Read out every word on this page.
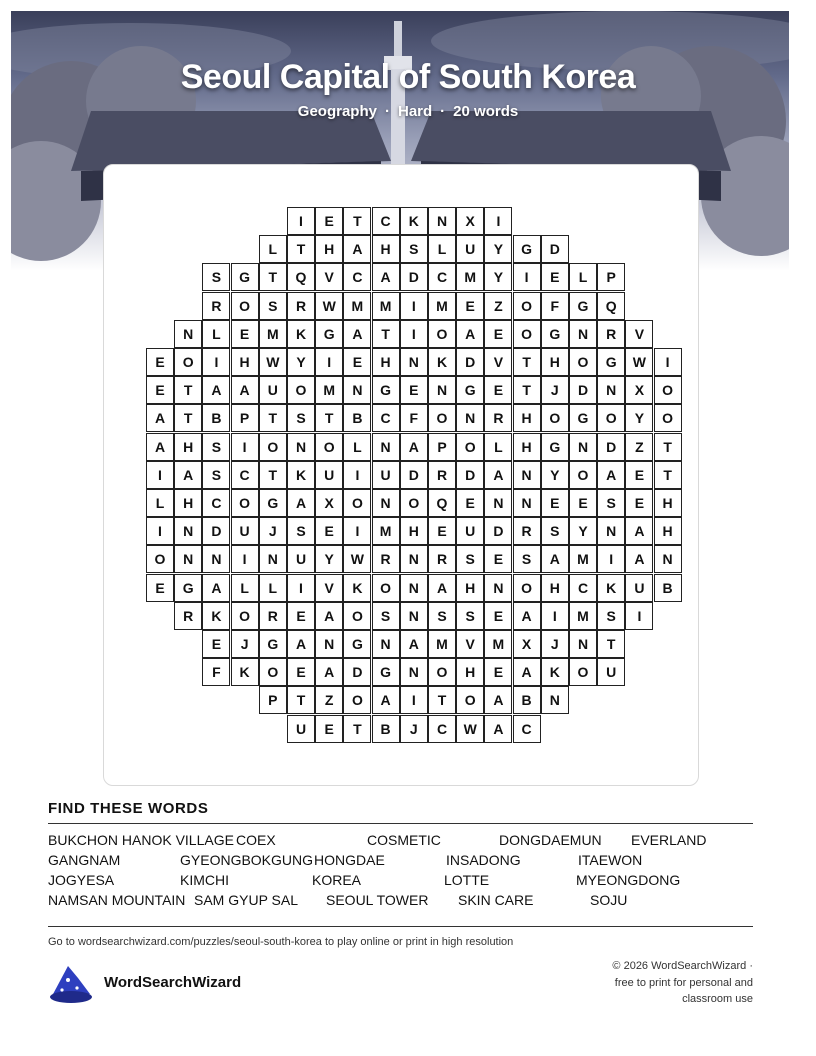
Seoul Capital of South Korea
Geography · Hard · 20 words
I	E	T	C	K	N	X	I
L	T	H	A	H	S	L	U	Y	G	D
S	G	T	Q	V	C	A	D	C	M	Y	I	E	L	P
R	O	S	R	W	M	M	I	M	E	Z	O	F	G	Q
N	L	E	M	K	G	A	T	I	O	A	E	O	G	N	R	V
E	O	I	H	W	Y	I	E	H	N	K	D	V	T	H	O	G	W	I
E	T	A	A	U	O	M	N	G	E	N	G	E	T	J	D	N	X	O
A	T	B	P	T	S	T	B	C	F	O	N	R	H	O	G	O	Y	O
A	H	S	I	O	N	O	L	N	A	P	O	L	H	G	N	D	Z	T
I	A	S	C	T	K	U	I	U	D	R	D	A	N	Y	O	A	E	T
L	H	C	O	G	A	X	O	N	O	Q	E	N	N	E	E	S	E	H
I	N	D	U	J	S	E	I	M	H	E	U	D	R	S	Y	N	A	H
O	N	N	I	N	U	Y	W	R	N	R	S	E	S	A	M	I	A	N
E	G	A	L	L	I	V	K	O	N	A	H	N	O	H	C	K	U	B
R	K	O	R	E	A	O	S	N	S	S	E	A	I	M	S	I
E	J	G	A	N	G	N	A	M	V	M	X	J	N	T
F	K	O	E	A	D	G	N	O	H	E	A	K	O	U
P	T	Z	O	A	I	T	O	A	B	N
U	E	T	B	J	C	W	A	C
FIND THESE WORDS
BUKCHON HANOK VILLAGE COEX	COSMETIC	DONGDAEMUN EVERLAND
GANGNAM	GYEONGBOKGUNG HONGDAE	INSADONG	ITAEWON
JOGYESA	KIMCHI	KOREA	LOTTE	MYEONGDONG
NAMSAN MOUNTAIN SAM GYUP SAL SEOUL TOWER SKIN CARE	SOJU
Go to wordsearchwizard.com/puzzles/seoul-south-korea to play online or print in high resolution
WordSearchWizard
© 2026 WordSearchWizard ·
free to print for personal and
classroom use
